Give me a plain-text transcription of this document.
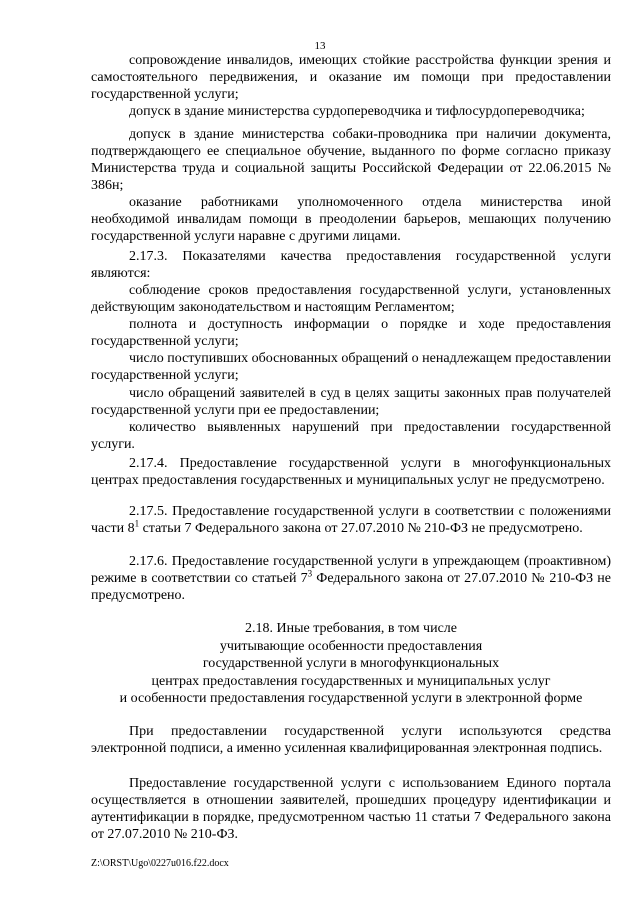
13

сопровождение инвалидов, имеющих стойкие расстройства функции зрения и самостоятельного передвижения, и оказание им помощи при предоставлении государственной услуги;

допуск в здание министерства сурдопереводчика и тифлосурдопереводчика;

допуск в здание министерства собаки-проводника при наличии документа, подтверждающего ее специальное обучение, выданного по форме согласно приказу Министерства труда и социальной защиты Российской Федерации от 22.06.2015 № 386н;

оказание работниками уполномоченного отдела министерства иной необходимой инвалидам помощи в преодолении барьеров, мешающих получению государственной услуги наравне с другими лицами.

2.17.3. Показателями качества предоставления государственной услуги являются:

соблюдение сроков предоставления государственной услуги, установленных действующим законодательством и настоящим Регламентом;

полнота и доступность информации о порядке и ходе предоставления государственной услуги;

число поступивших обоснованных обращений о ненадлежащем предоставлении государственной услуги;

число обращений заявителей в суд в целях защиты законных прав получателей государственной услуги при ее предоставлении;

количество выявленных нарушений при предоставлении государственной услуги.

2.17.4. Предоставление государственной услуги в многофункциональных центрах предоставления государственных и муниципальных услуг не предусмотрено.

2.17.5. Предоставление государственной услуги в соответствии с положениями части $8^1$ статьи 7 Федерального закона от 27.07.2010 № 210-ФЗ не предусмотрено.

2.17.6. Предоставление государственной услуги в упреждающем (проактивном) режиме в соответствии со статьей $7^3$ Федерального закона от 27.07.2010 № 210-ФЗ не предусмотрено.

2.18. Иные требования, в том числе
учитывающие особенности предоставления
государственной услуги в многофункциональных
центрах предоставления государственных и муниципальных услуг
и особенности предоставления государственной услуги в электронной форме

При предоставлении государственной услуги используются средства электронной подписи, а именно усиленная квалифицированная электронная подпись.

Предоставление государственной услуги с использованием Единого портала осуществляется в отношении заявителей, прошедших процедуру идентификации и аутентификации в порядке, предусмотренном частью 11 статьи 7 Федерального закона от 27.07.2010 № 210-ФЗ.

Z:\ORST\Ugo\0227u016.f22.docx
